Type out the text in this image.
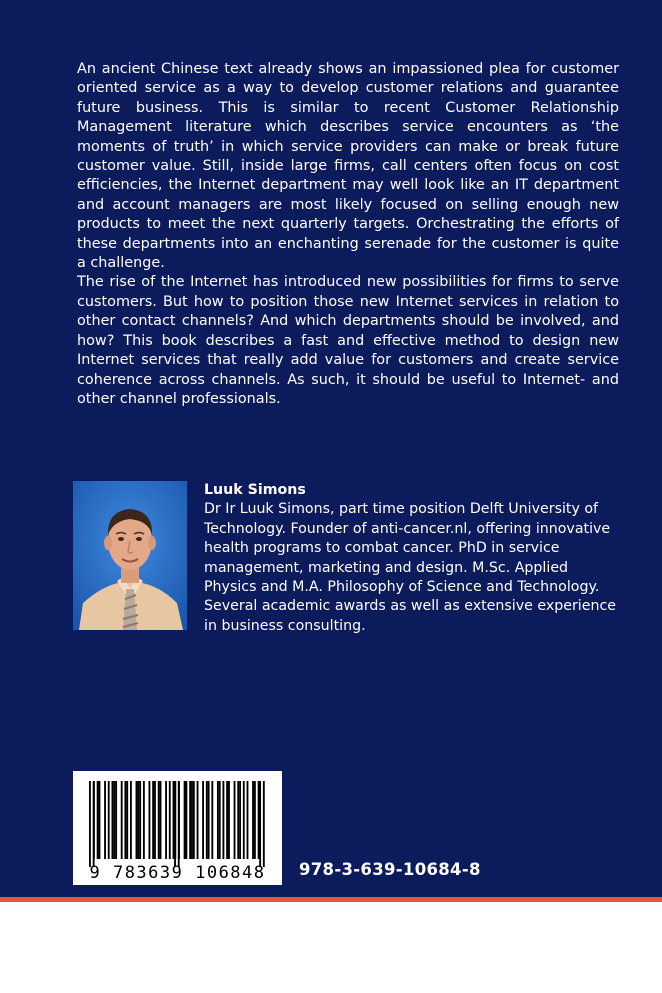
An ancient Chinese text already shows an impassioned plea for customer oriented service as a way to develop customer relations and guarantee future business. This is similar to recent Customer Relationship Management literature which describes service encounters as ‘the moments of truth’ in which service providers can make or break future customer value. Still, inside large firms, call centers often focus on cost efficiencies, the Internet department may well look like an IT department and account managers are most likely focused on selling enough new products to meet the next quarterly targets. Orchestrating the efforts of these departments into an enchanting serenade for the customer is quite a challenge.

The rise of the Internet has introduced new possibilities for firms to serve customers. But how to position those new Internet services in relation to other contact channels? And which departments should be involved, and how? This book describes a fast and effective method to design new Internet services that really add value for customers and create service coherence across channels. As such, it should be useful to Internet- and other channel professionals.

Luuk Simons
Dr Ir Luuk Simons, part time position Delft University of Technology. Founder of anti-cancer.nl, offering innovative health programs to combat cancer. PhD in service management, marketing and design. M.Sc. Applied Physics and M.A. Philosophy of Science and Technology. Several academic awards as well as extensive experience in business consulting.
9 783639 106848 978-3-639-10684-8
